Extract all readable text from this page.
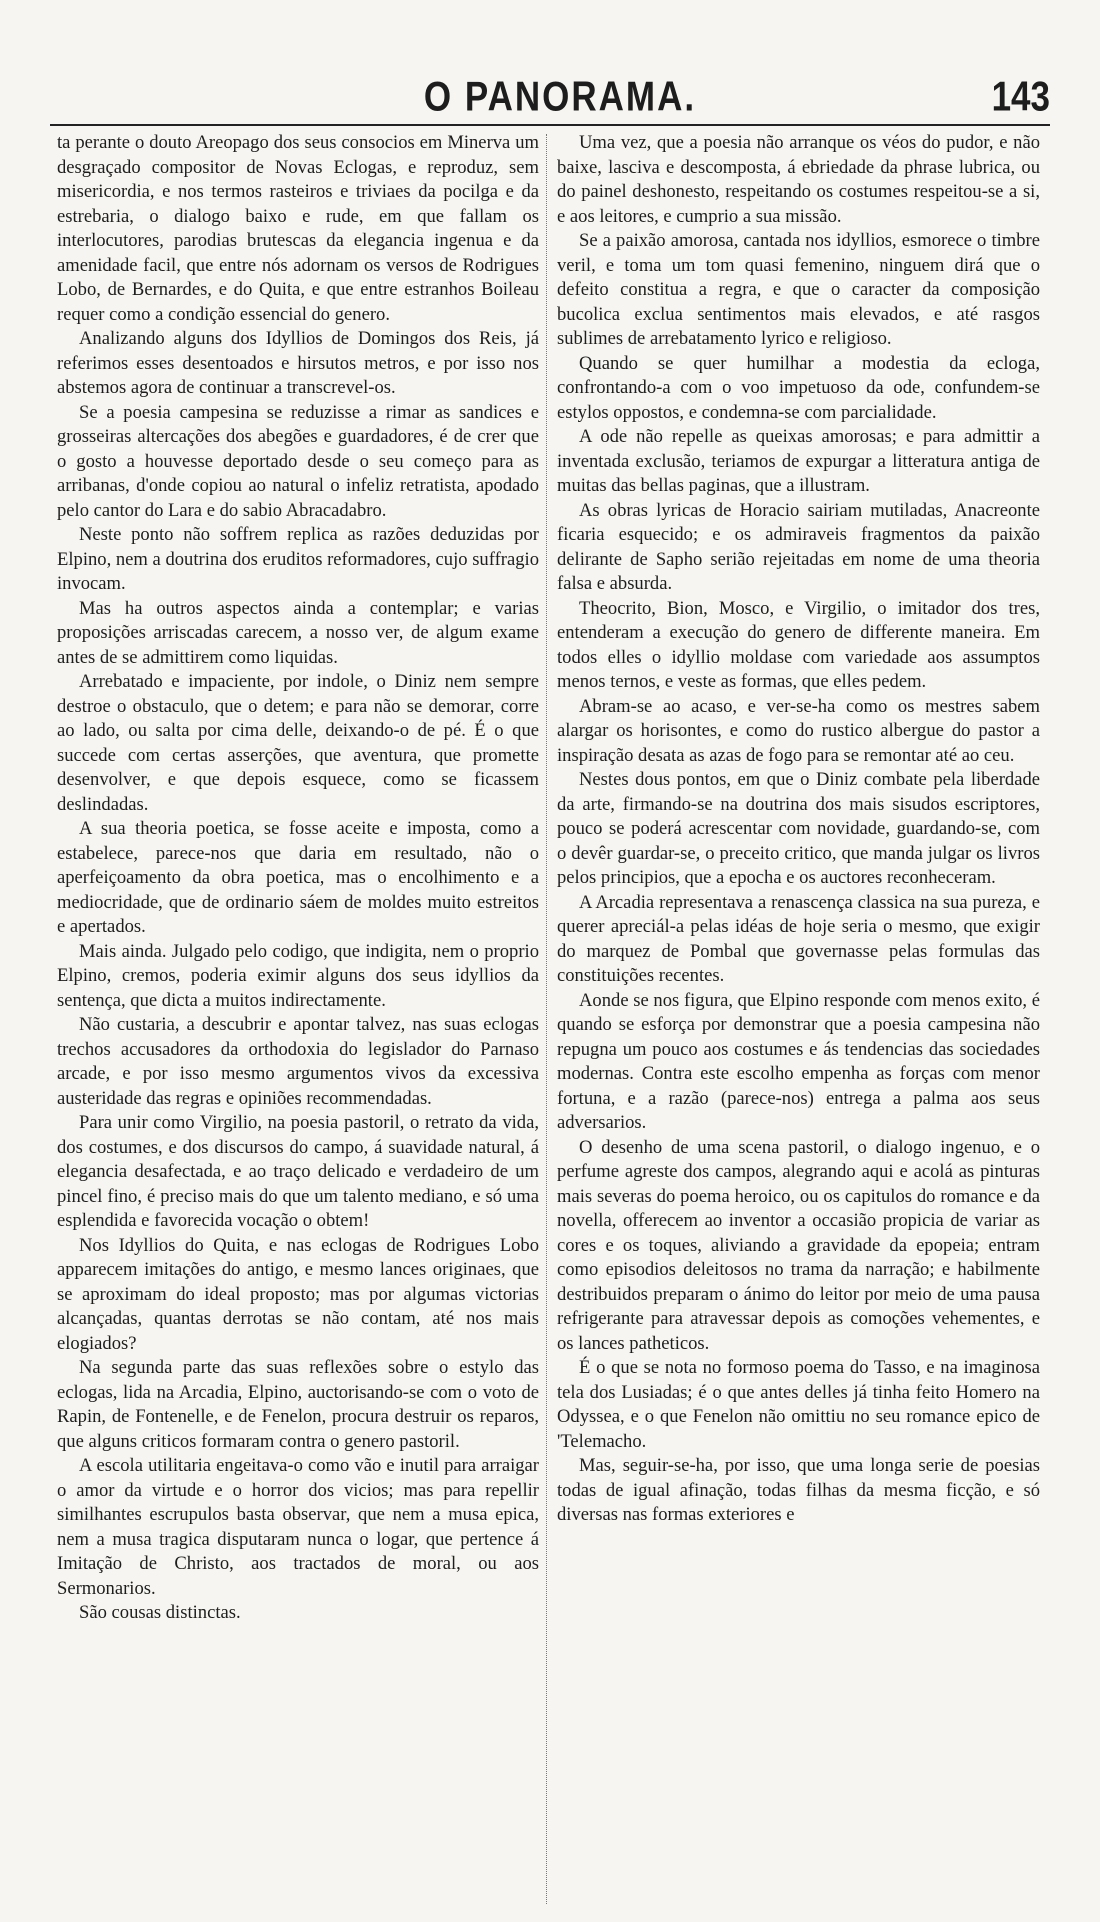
O PANORAMA.	143

ta perante o douto Areopago dos seus consocios em Minerva um desgraçado compositor de Novas Eclogas, e reproduz, sem misericordia, e nos termos rasteiros e triviaes da pocilga e da estrebaria, o dialogo baixo e rude, em que fallam os interlocutores, parodias brutescas da elegancia ingenua e da amenidade facil, que entre nós adornam os versos de Rodrigues Lobo, de Bernardes, e do Quita, e que entre estranhos Boileau requer como a condição essencial do genero.

Analizando alguns dos Idyllios de Domingos dos Reis, já referimos esses desentoados e hirsutos metros, e por isso nos abstemos agora de continuar a transcrevel-os.

Se a poesia campesina se reduzisse a rimar as sandices e grosseiras altercações dos abegões e guardadores, é de crer que o gosto a houvesse deportado desde o seu começo para as arribanas, d'onde copiou ao natural o infeliz retratista, apodado pelo cantor do Lara e do sabio Abracadabro.

Neste ponto não soffrem replica as razões deduzidas por Elpino, nem a doutrina dos eruditos reformadores, cujo suffragio invocam.

Mas ha outros aspectos ainda a contemplar; e varias proposições arriscadas carecem, a nosso ver, de algum exame antes de se admittirem como liquidas.

Arrebatado e impaciente, por indole, o Diniz nem sempre destroe o obstaculo, que o detem; e para não se demorar, corre ao lado, ou salta por cima delle, deixando-o de pé. É o que succede com certas asserções, que aventura, que promette desenvolver, e que depois esquece, como se ficassem deslindadas.

A sua theoria poetica, se fosse aceite e imposta, como a estabelece, parece-nos que daria em resultado, não o aperfeiçoamento da obra poetica, mas o encolhimento e a mediocridade, que de ordinario sáem de moldes muito estreitos e apertados.

Mais ainda. Julgado pelo codigo, que indigita, nem o proprio Elpino, cremos, poderia eximir alguns dos seus idyllios da sentença, que dicta a muitos indirectamente.

Não custaria, a descubrir e apontar talvez, nas suas eclogas trechos accusadores da orthodoxia do legislador do Parnaso arcade, e por isso mesmo argumentos vivos da excessiva austeridade das regras e opiniões recommendadas.

Para unir como Virgilio, na poesia pastoril, o retrato da vida, dos costumes, e dos discursos do campo, á suavidade natural, á elegancia desafectada, e ao traço delicado e verdadeiro de um pincel fino, é preciso mais do que um talento mediano, e só uma esplendida e favorecida vocação o obtem!

Nos Idyllios do Quita, e nas eclogas de Rodrigues Lobo apparecem imitações do antigo, e mesmo lances originaes, que se aproximam do ideal proposto; mas por algumas victorias alcançadas, quantas derrotas se não contam, até nos mais elogiados?

Na segunda parte das suas reflexões sobre o estylo das eclogas, lida na Arcadia, Elpino, auctorisando-se com o voto de Rapin, de Fontenelle, e de Fenelon, procura destruir os reparos, que alguns criticos formaram contra o genero pastoril.

A escola utilitaria engeitava-o como vão e inutil para arraigar o amor da virtude e o horror dos vicios; mas para repellir similhantes escrupulos basta observar, que nem a musa epica, nem a musa tragica disputaram nunca o logar, que pertence á Imitação de Christo, aos tractados de moral, ou aos Sermonarios.

São cousas distinctas.

Uma vez, que a poesia não arranque os véos do pudor, e não baixe, lasciva e descomposta, á ebriedade da phrase lubrica, ou do painel deshonesto, respeitando os costumes respeitou-se a si, e aos leitores, e cumprio a sua missão.

Se a paixão amorosa, cantada nos idyllios, esmorece o timbre veril, e toma um tom quasi femenino, ninguem dirá que o defeito constitua a regra, e que o caracter da composição bucolica exclua sentimentos mais elevados, e até rasgos sublimes de arrebatamento lyrico e religioso.

Quando se quer humilhar a modestia da ecloga, confrontando-a com o voo impetuoso da ode, confundem-se estylos oppostos, e condemna-se com parcialidade.

A ode não repelle as queixas amorosas; e para admittir a inventada exclusão, teriamos de expurgar a litteratura antiga de muitas das bellas paginas, que a illustram.

As obras lyricas de Horacio sairiam mutiladas, Anacreonte ficaria esquecido; e os admiraveis fragmentos da paixão delirante de Sapho serião rejeitadas em nome de uma theoria falsa e absurda.

Theocrito, Bion, Mosco, e Virgilio, o imitador dos tres, entenderam a execução do genero de differente maneira. Em todos elles o idyllio moldase com variedade aos assumptos menos ternos, e veste as formas, que elles pedem.

Abram-se ao acaso, e ver-se-ha como os mestres sabem alargar os horisontes, e como do rustico albergue do pastor a inspiração desata as azas de fogo para se remontar até ao ceu.

Nestes dous pontos, em que o Diniz combate pela liberdade da arte, firmando-se na doutrina dos mais sisudos escriptores, pouco se poderá acrescentar com novidade, guardando-se, com o devêr guardar-se, o preceito critico, que manda julgar os livros pelos principios, que a epocha e os auctores reconheceram.

A Arcadia representava a renascença classica na sua pureza, e querer apreciál-a pelas idéas de hoje seria o mesmo, que exigir do marquez de Pombal que governasse pelas formulas das constituições recentes.

Aonde se nos figura, que Elpino responde com menos exito, é quando se esforça por demonstrar que a poesia campesina não repugna um pouco aos costumes e ás tendencias das sociedades modernas. Contra este escolho empenha as forças com menor fortuna, e a razão (parece-nos) entrega a palma aos seus adversarios.

O desenho de uma scena pastoril, o dialogo ingenuo, e o perfume agreste dos campos, alegrando aqui e acolá as pinturas mais severas do poema heroico, ou os capitulos do romance e da novella, offerecem ao inventor a occasião propicia de variar as cores e os toques, aliviando a gravidade da epopeia; entram como episodios deleitosos no trama da narração; e habilmente destribuidos preparam o ánimo do leitor por meio de uma pausa refrigerante para atravessar depois as comoções vehementes, e os lances patheticos.

É o que se nota no formoso poema do Tasso, e na imaginosa tela dos Lusiadas; é o que antes delles já tinha feito Homero na Odyssea, e o que Fenelon não omittiu no seu romance epico de 'Telemacho.

Mas, seguir-se-ha, por isso, que uma longa serie de poesias todas de igual afinação, todas filhas da mesma ficção, e só diversas nas formas exteriores e
